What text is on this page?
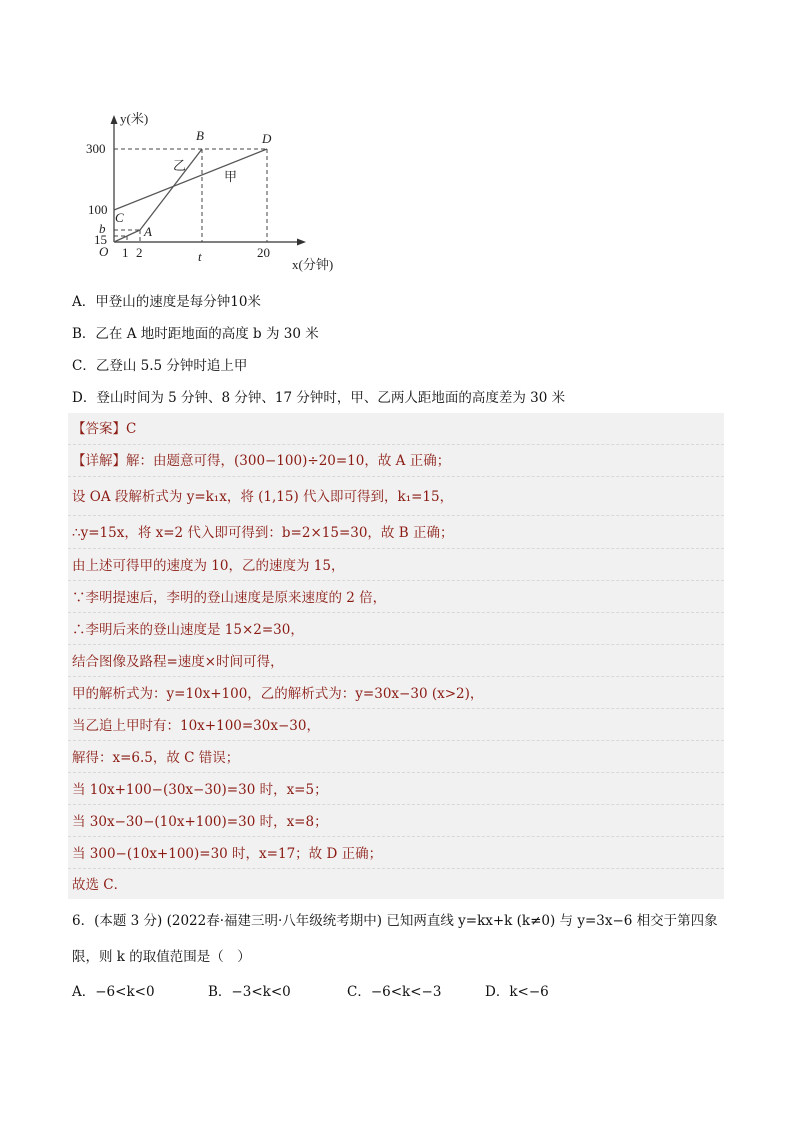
300
100
b
15
O 1 2	t	20
y(米)
x(分钟)
B	D
C
A
乙
甲
A．甲登山的速度是每分钟10米
B．乙在 A 地时距地面的高度 b 为 30 米
C．乙登山 5.5 分钟时追上甲
D．登山时间为 5 分钟、8 分钟、17 分钟时，甲、乙两人距地面的高度差为 30 米
【答案】C
【详解】解：由题意可得，(300−100)÷20=10，故 A 正确；
设 OA 段解析式为 y=k₁x，将 (1,15) 代入即可得到，k₁=15，
∴y=15x，将 x=2 代入即可得到：b=2×15=30，故 B 正确；
由上述可得甲的速度为 10，乙的速度为 15，
∵李明提速后，李明的登山速度是原来速度的 2 倍，
∴李明后来的登山速度是 15×2=30，
结合图像及路程=速度×时间可得，
甲的解析式为：y=10x+100，乙的解析式为：y=30x−30 (x>2)，
当乙追上甲时有：10x+100=30x−30，
解得：x=6.5，故 C 错误；
当 10x+100−(30x−30)=30 时，x=5；
当 30x−30−(10x+100)=30 时，x=8；
当 300−(10x+100)=30 时，x=17；故 D 正确；
故选 C．
6．(本题 3 分) (2022春·福建三明·八年级统考期中) 已知两直线 y=kx+k (k≠0) 与 y=3x−6 相交于第四象
限，则 k 的取值范围是（　）
A．−6<k<0	B．−3<k<0	C．−6<k<−3	D．k<−6
